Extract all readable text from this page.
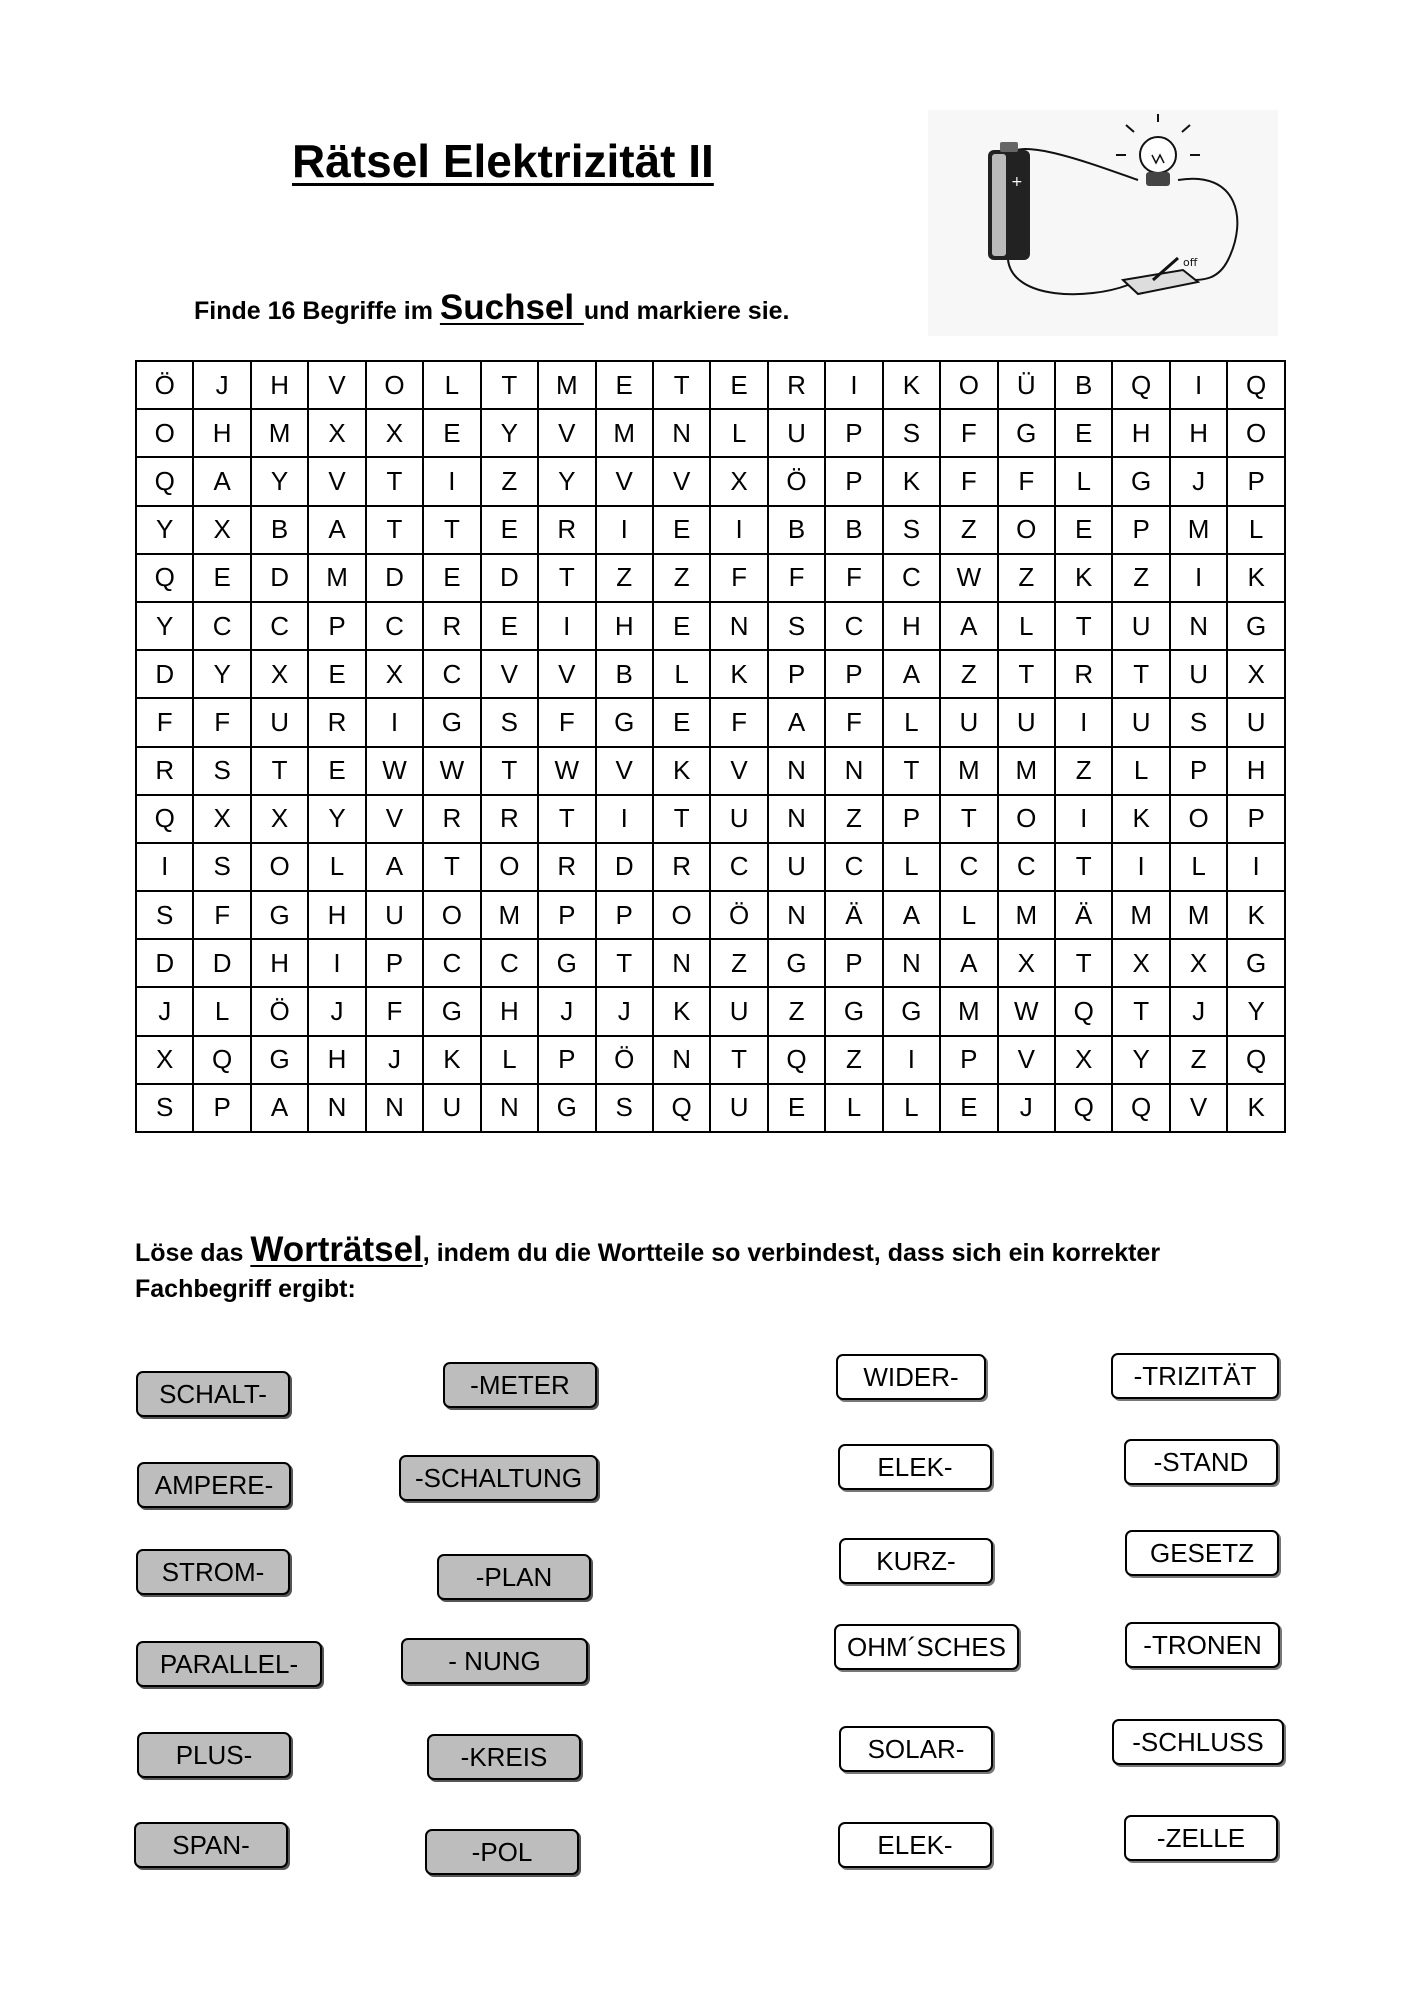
Rätsel Elektrizität II
Finde 16 Begriffe im Suchsel und markiere sie.
+
off
Ö	J	H	V	O	L	T	M	E	T	E	R	I	K	O	Ü	B	Q	I	Q
O	H	M	X	X	E	Y	V	M	N	L	U	P	S	F	G	E	H	H	O
Q	A	Y	V	T	I	Z	Y	V	V	X	Ö	P	K	F	F	L	G	J	P
Y	X	B	A	T	T	E	R	I	E	I	B	B	S	Z	O	E	P	M	L
Q	E	D	M	D	E	D	T	Z	Z	F	F	F	C	W	Z	K	Z	I	K
Y	C	C	P	C	R	E	I	H	E	N	S	C	H	A	L	T	U	N	G
D	Y	X	E	X	C	V	V	B	L	K	P	P	A	Z	T	R	T	U	X
F	F	U	R	I	G	S	F	G	E	F	A	F	L	U	U	I	U	S	U
R	S	T	E	W	W	T	W	V	K	V	N	N	T	M	M	Z	L	P	H
Q	X	X	Y	V	R	R	T	I	T	U	N	Z	P	T	O	I	K	O	P
I	S	O	L	A	T	O	R	D	R	C	U	C	L	C	C	T	I	L	I
S	F	G	H	U	O	M	P	P	O	Ö	N	Ä	A	L	M	Ä	M	M	K
D	D	H	I	P	C	C	G	T	N	Z	G	P	N	A	X	T	X	X	G
J	L	Ö	J	F	G	H	J	J	K	U	Z	G	G	M	W	Q	T	J	Y
X	Q	G	H	J	K	L	P	Ö	N	T	Q	Z	I	P	V	X	Y	Z	Q
S	P	A	N	N	U	N	G	S	Q	U	E	L	L	E	J	Q	Q	V	K
Löse das Worträtsel, indem du die Wortteile so verbindest, dass sich ein korrekter Fachbegriff ergibt:
SCHALT-	-METER
AMPERE-	-SCHALTUNG
STROM-	-PLAN
PARALLEL-	- NUNG
PLUS-	-KREIS
SPAN-	-POL
WIDER-	-TRIZITÄT
ELEK-	-STAND
KURZ-	GESETZ
OHM´SCHES	-TRONEN
SOLAR-	-SCHLUSS
ELEK-	-ZELLE
